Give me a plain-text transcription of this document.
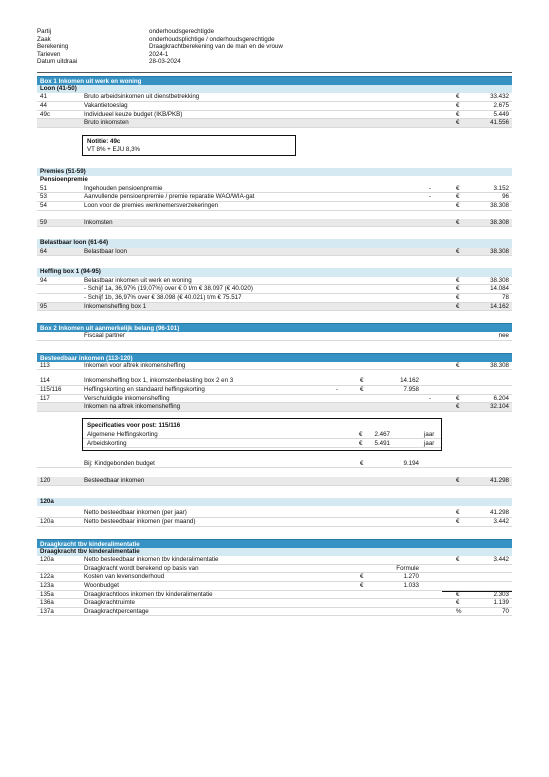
Partij	onderhoudsgerechtigde
Zaak	onderhoudsplichtige / onderhoudsgerechtigde
Berekening	Draagkrachtberekening van de man en de vrouw
Tarieven	2024-1
Datum uitdraai	28-03-2024
Box 1 Inkomen uit werk en woning
Loon (41-50)
41	Bruto arbeidsinkomen uit dienstbetrekking	€	33.432
44	Vakantietoeslag	€	2.675
49c	Individueel keuze budget (IKB/PKB)	€	5.449
Bruto inkomsten	€	41.556
Notitie: 49c
VT 8% + EJU 8,3%
Premies (51-59)
Pensioenpremie
51	Ingehouden pensioenpremie	-	€	3.152
53	Aanvullende pensioenpremie / premie reparatie WAO/WIA-gat	-	€	96
54	Loon voor de premies werknemersverzekeringen	€	38.308
59	Inkomsten	€	38.308
Belastbaar loon (61-64)
64	Belastbaar loon	€	38.308
Heffing box 1 (94-95)
94	Belastbaar inkomen uit werk en woning	€	38.308
- Schijf 1a, 36,97% (19,07%) over € 0 t/m € 38.097 (€ 40.020)	€	14.084
- Schijf 1b, 36,97% over € 38.098 (€ 40.021) t/m € 75.517	€	78
95	Inkomensheffing box 1	€	14.162
Box 2 Inkomen uit aanmerkelijk belang (96-101)
Fiscaal partner	nee
Besteedbaar inkomen (113-120)
113	Inkomen voor aftrek inkomensheffing	€	38.308
114	Inkomensheffing box 1, inkomstenbelasting box 2 en 3	€	14.162
115/116	Heffingskorting en standaard heffingskorting	-	€	7.958
117	Verschuldigde inkomensheffing	-	€	6.204
Inkomen na aftrek inkomensheffing	€	32.104
Specificaties voor post: 115/116
Algemene Heffingskorting	€ 2.467	jaar
Arbeidskorting	€ 5.491	jaar
Bij: Kindgebonden budget	€	9.194
120	Besteedbaar inkomen	€	41.298
120a
Netto besteedbaar inkomen (per jaar)	€	41.298
120a	Netto besteedbaar inkomen (per maand)	€	3.442
Draagkracht tbv kinderalimentatie
Draagkracht tbv kinderalimentatie
120a	Netto besteedbaar inkomen tbv kinderalimentatie	€	3.442
Draagkracht wordt berekend op basis van	Formule
122a	Kosten van levensonderhoud	€	1.270
123a	Woonbudget	€	1.033
135a	Draagkrachtloos inkomen tbv kinderalimentatie	€	2.303
136a	Draagkrachtruimte	€	1.139
137a	Draagkrachtpercentage	%	70
